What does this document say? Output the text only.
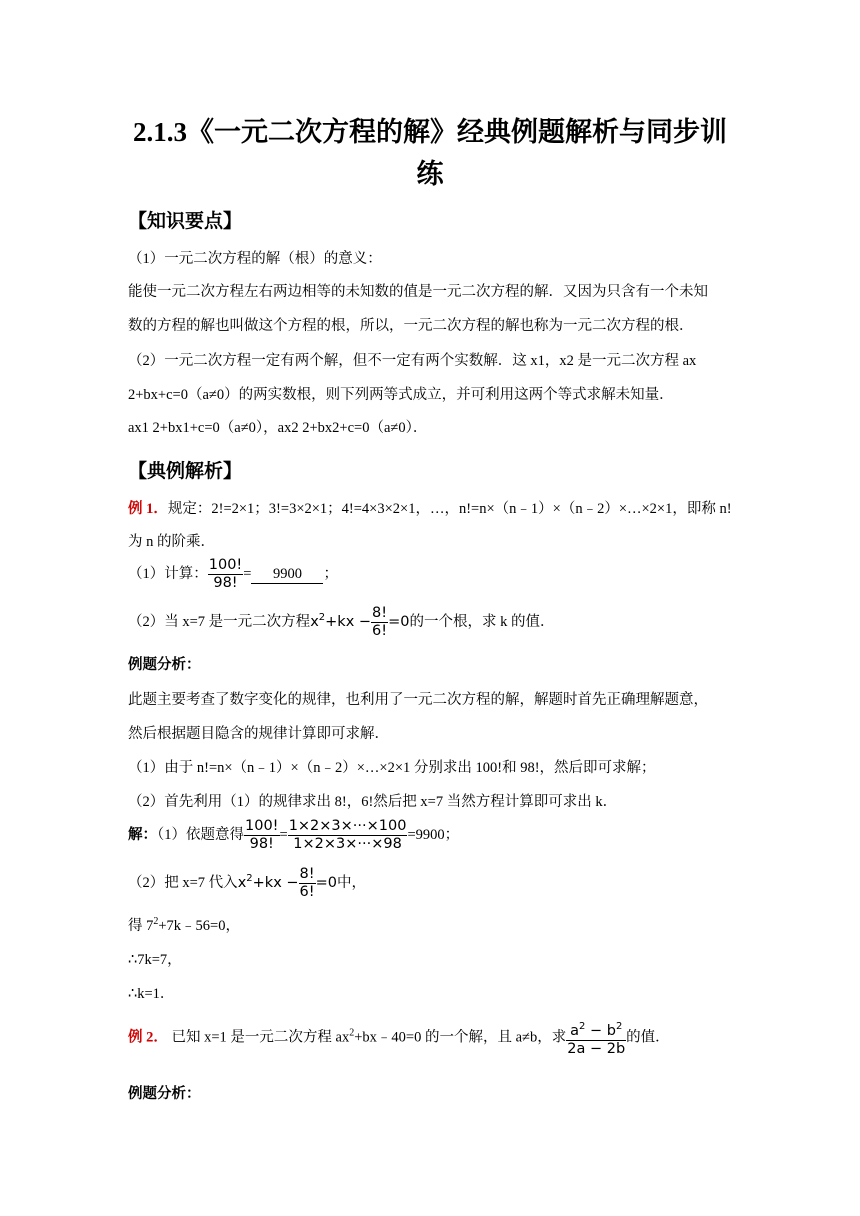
2.1.3《一元二次方程的解》经典例题解析与同步训
练
【知识要点】
（1）一元二次方程的解（根）的意义：
能使一元二次方程左右两边相等的未知数的值是一元二次方程的解．又因为只含有一个未知
数的方程的解也叫做这个方程的根，所以，一元二次方程的解也称为一元二次方程的根．
（2）一元二次方程一定有两个解，但不一定有两个实数解．这 x1，x2 是一元二次方程 ax
2+bx+c=0（a≠0）的两实数根，则下列两等式成立，并可利用这两个等式求解未知量．
ax1 2+bx1+c=0（a≠0），ax2 2+bx2+c=0（a≠0）．
【典例解析】
例 1．规定：2!=2×1；3!=3×2×1；4!=4×3×2×1，…，n!=n×（n﹣1）×（n﹣2）×…×2×1，即称 n!
为 n 的阶乘．
（1）计算： $\frac{100!}{98!} = 9900$ ；
（2）当 x=7 是一元二次方程$x^2+kx - \frac{8!}{6!} =0$的一个根，求 k 的值．
例题分析：
此题主要考查了数字变化的规律，也利用了一元二次方程的解，解题时首先正确理解题意，
然后根据题目隐含的规律计算即可求解．
（1）由于 n!=n×（n﹣1）×（n﹣2）×…×2×1 分别求出 100!和 98!，然后即可求解；
（2）首先利用（1）的规律求出 8!，6!然后把 x=7 当然方程计算即可求出 k．
解：（1）依题意得 $\frac{100!}{98!} = \frac{1\times 2\times 3\times\cdot\cdot\cdot\times 100}{1\times 2\times 3\times\cdot\cdot\cdot\times 98} =9900$；
（2）把 x=7 代入$x^2+kx - \frac{8!}{6!} =0$中，
得 $7^2+7k﹣56=0$，
∴7k=7，
∴k=1．
例 2． 已知 x=1 是一元二次方程 $ax^2+bx﹣40=0$ 的一个解，且 a≠b，求 $\frac{a^2 - b^2}{2a - 2b}$ 的值．
例题分析：
